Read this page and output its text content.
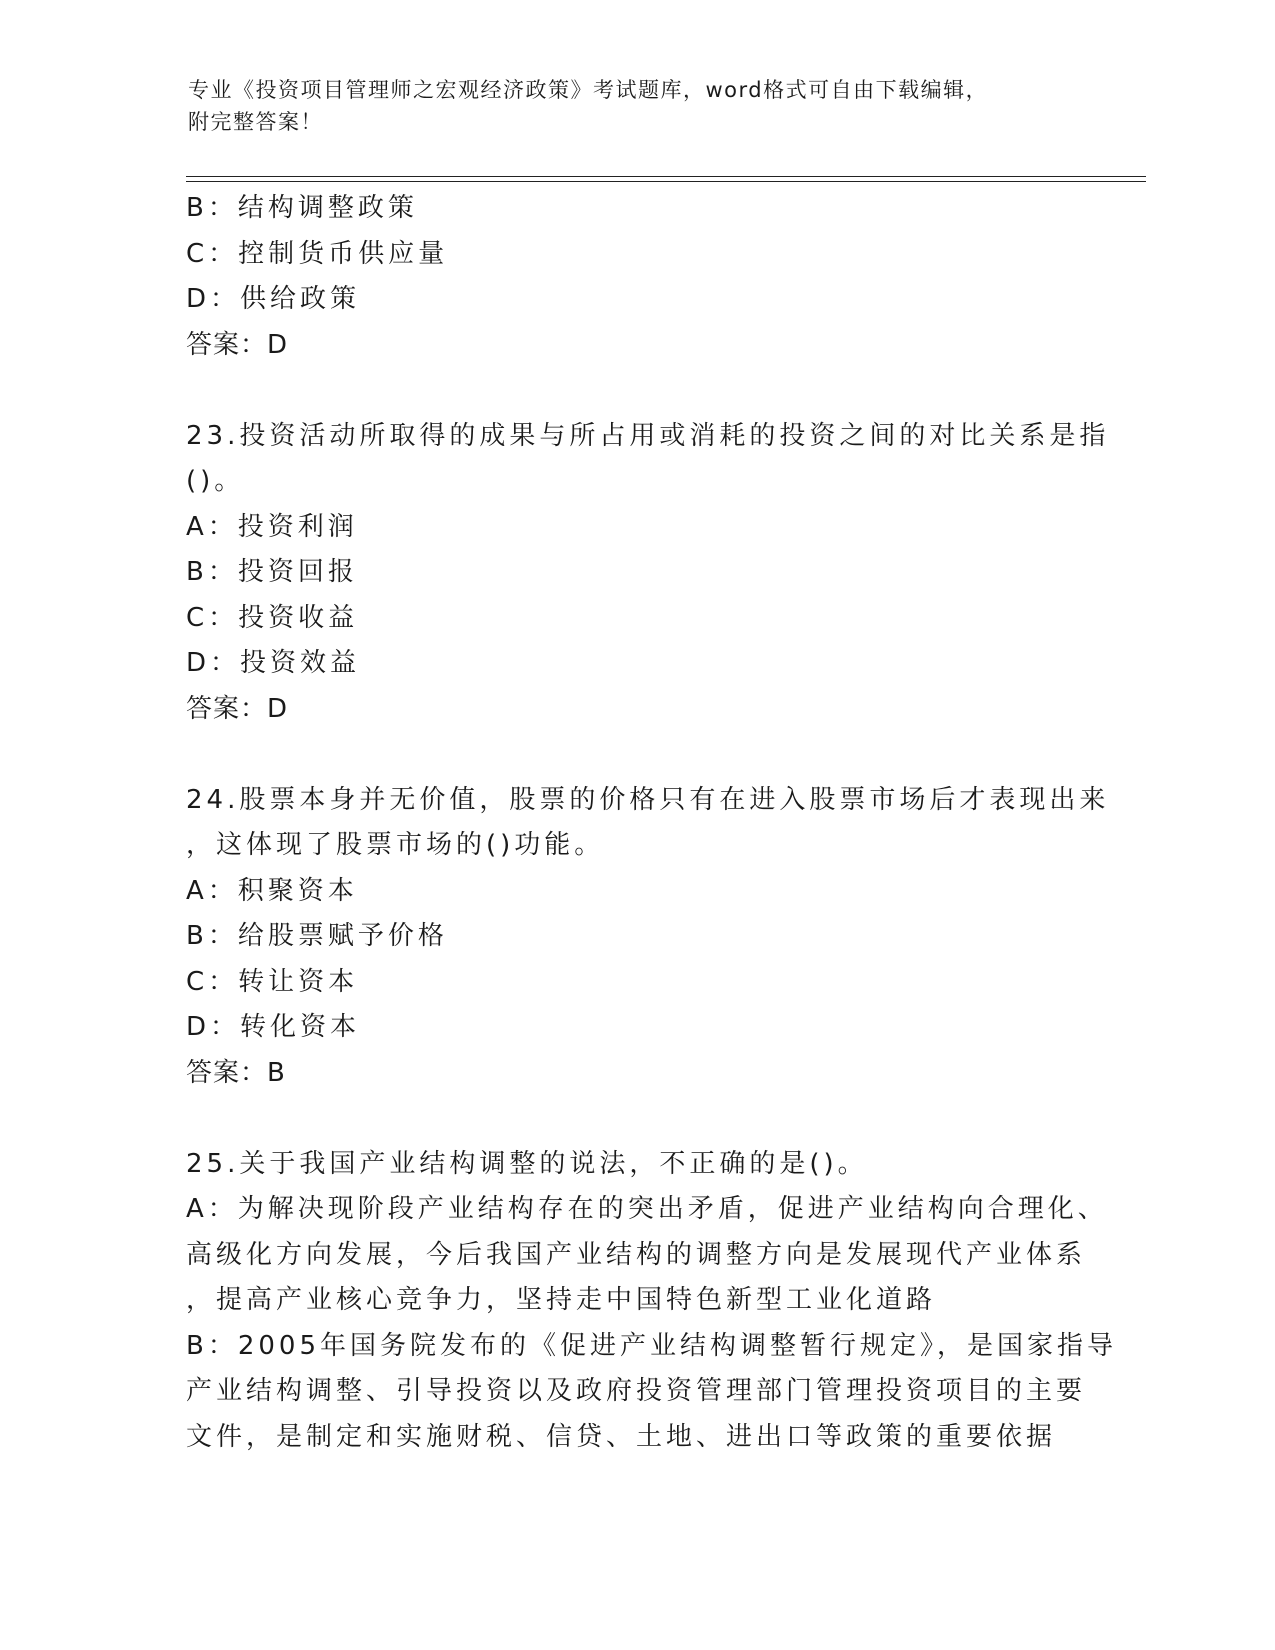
专业《投资项目管理师之宏观经济政策》考试题库，word格式可自由下载编辑，
附完整答案！
B：结构调整政策
C：控制货币供应量
D：供给政策
答案：D
23.投资活动所取得的成果与所占用或消耗的投资之间的对比关系是指
()。
A：投资利润
B：投资回报
C：投资收益
D：投资效益
答案：D
24.股票本身并无价值，股票的价格只有在进入股票市场后才表现出来
，这体现了股票市场的()功能。
A：积聚资本
B：给股票赋予价格
C：转让资本
D：转化资本
答案：B
25.关于我国产业结构调整的说法，不正确的是()。
A：为解决现阶段产业结构存在的突出矛盾，促进产业结构向合理化、
高级化方向发展，今后我国产业结构的调整方向是发展现代产业体系
，提高产业核心竞争力，坚持走中国特色新型工业化道路
B：2005年国务院发布的《促进产业结构调整暂行规定》，是国家指导
产业结构调整、引导投资以及政府投资管理部门管理投资项目的主要
文件，是制定和实施财税、信贷、土地、进出口等政策的重要依据
